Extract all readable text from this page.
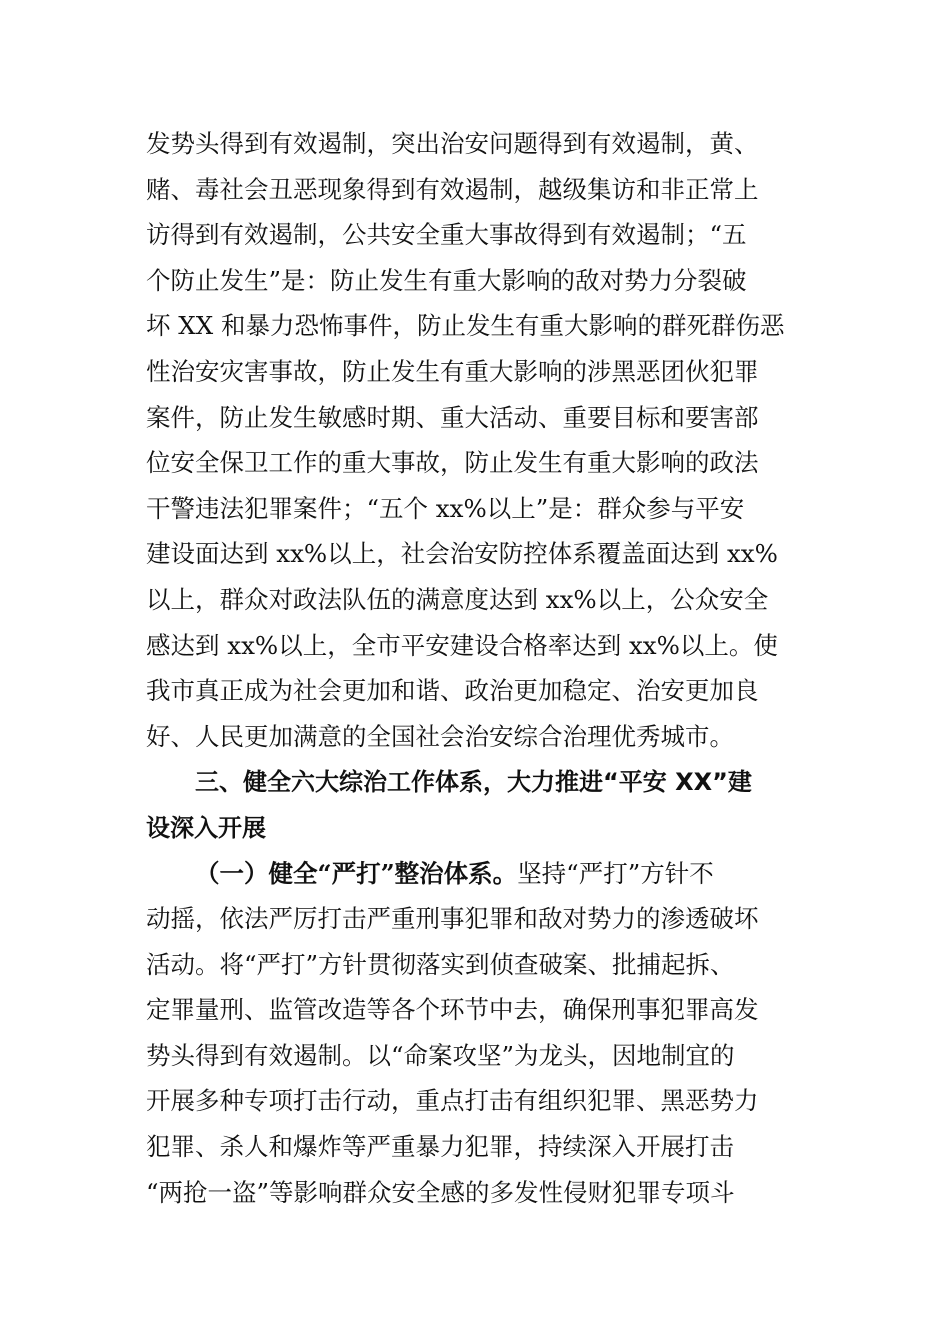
发势头得到有效遏制，突出治安问题得到有效遏制，黄、
赌、毒社会丑恶现象得到有效遏制，越级集访和非正常上
访得到有效遏制，公共安全重大事故得到有效遏制；“五
个防止发生”是：防止发生有重大影响的敌对势力分裂破
坏 XX 和暴力恐怖事件，防止发生有重大影响的群死群伤恶
性治安灾害事故，防止发生有重大影响的涉黑恶团伙犯罪
案件，防止发生敏感时期、重大活动、重要目标和要害部
位安全保卫工作的重大事故，防止发生有重大影响的政法
干警违法犯罪案件；“五个 xx%以上”是：群众参与平安
建设面达到 xx%以上，社会治安防控体系覆盖面达到 xx%
以上，群众对政法队伍的满意度达到 xx%以上，公众安全
感达到 xx%以上，全市平安建设合格率达到 xx%以上。使
我市真正成为社会更加和谐、政治更加稳定、治安更加良
好、人民更加满意的全国社会治安综合治理优秀城市。
三、健全六大综治工作体系，大力推进“平安 XX”建
设深入开展
（一）健全“严打”整治体系。坚持“严打”方针不
动摇，依法严厉打击严重刑事犯罪和敌对势力的渗透破坏
活动。将“严打”方针贯彻落实到侦查破案、批捕起拆、
定罪量刑、监管改造等各个环节中去，确保刑事犯罪高发
势头得到有效遏制。以“命案攻坚”为龙头，因地制宜的
开展多种专项打击行动，重点打击有组织犯罪、黑恶势力
犯罪、杀人和爆炸等严重暴力犯罪，持续深入开展打击
“两抢一盗”等影响群众安全感的多发性侵财犯罪专项斗
